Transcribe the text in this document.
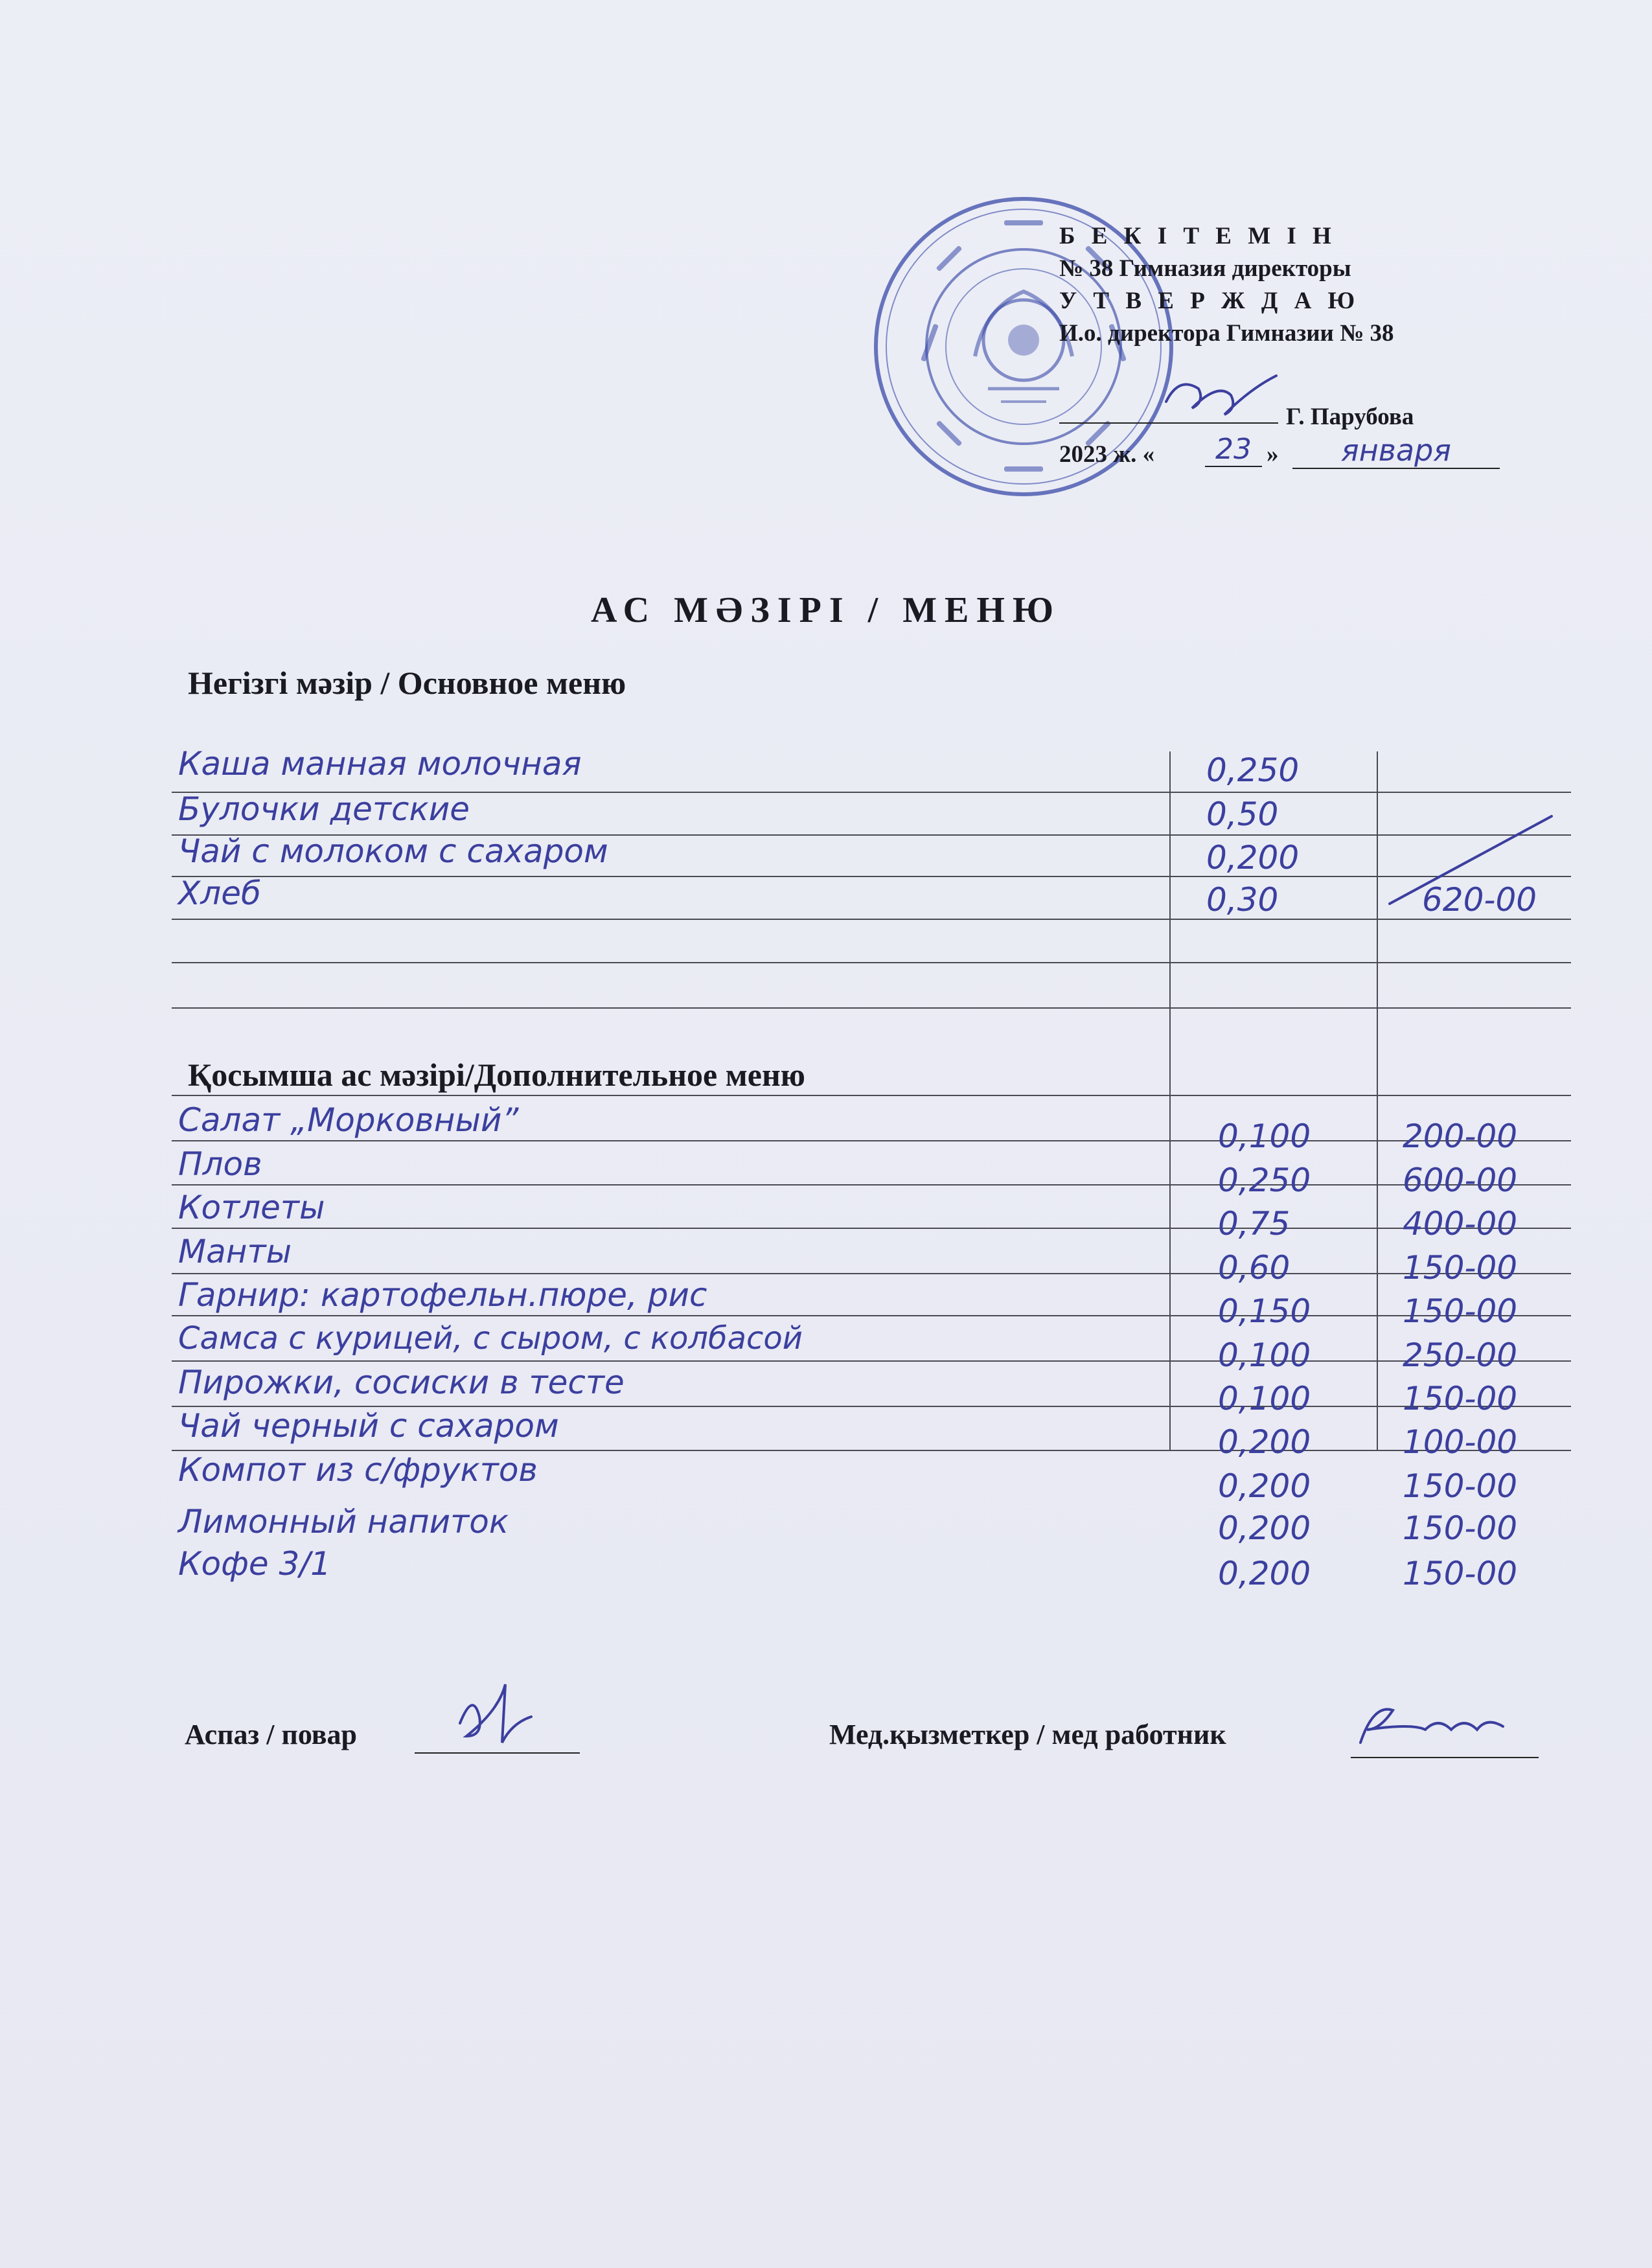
Б Е К І Т Е М І Н
№ 38 Гимназия директоры
У Т В Е Р Ж Д А Ю
И.о. директора Гимназии № 38
Г. Парубова
2023 ж. «	23 »	января
АС МӘЗІРІ / МЕНЮ
Негізгі мәзір / Основное меню
Каша манная молочная	0,250
Булочки детские	0,50
Чай с молоком с сахаром	0,200
Хлеб	0,30	620-00
Қосымша ас мәзірі/Дополнительное меню
Салат „Морковный”	0,100	200-00
Плов	0,250	600-00
Котлеты	0,75	400-00
Манты	0,60	150-00
Гарнир: картофельн.пюре, рис	0,150	150-00
Самса с курицей, с сыром, с колбасой	0,100	250-00
Пирожки, сосиски в тесте	0,100	150-00
Чай черный с сахаром	0,200	100-00
Компот из с/фруктов	0,200	150-00
Лимонный напиток	0,200	150-00
Кофе 3/1	0,200	150-00
Аспаз / повар	Мед.қызметкер / мед работник
